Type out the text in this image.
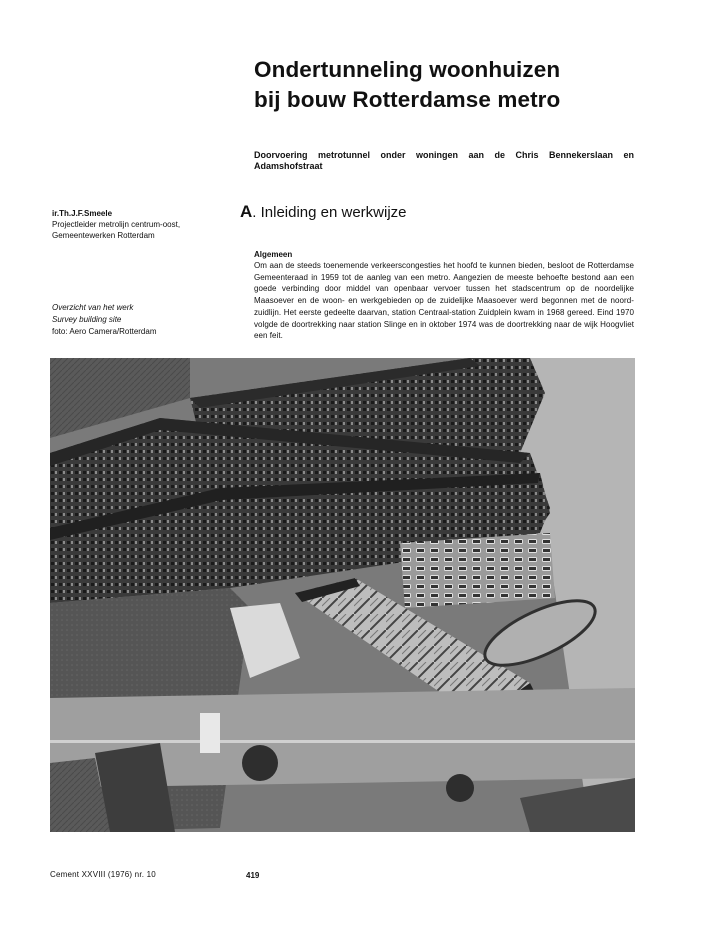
Ondertunneling woonhuizen
bij bouw Rotterdamse metro
Doorvoering metrotunnel onder woningen aan de Chris Bennekerslaan en Adamshofstraat
ir.Th.J.F.Smeele
Projectleider metrolijn centrum-oost,
Gemeentewerken Rotterdam
A. Inleiding en werkwijze
Algemeen
Om aan de steeds toenemende verkeerscongesties het hoofd te kunnen bieden, besloot de Rotterdamse Gemeenteraad in 1959 tot de aanleg van een metro. Aangezien de meeste behoefte bestond aan een goede verbinding door middel van openbaar vervoer tussen het stadscentrum op de noordelijke Maasoever en de woon- en werkgebieden op de zuidelijke Maasoever werd begonnen met de noord-zuidlijn. Het eerste gedeelte daarvan, station Centraal-station Zuidplein kwam in 1968 gereed. Eind 1970 volgde de doortrekking naar station Slinge en in oktober 1974 was de doortrekking naar de wijk Hoogvliet een feit.
Overzicht van het werk
Survey building site
foto: Aero Camera/Rotterdam
Cement XXVIII (1976) nr. 10	419
